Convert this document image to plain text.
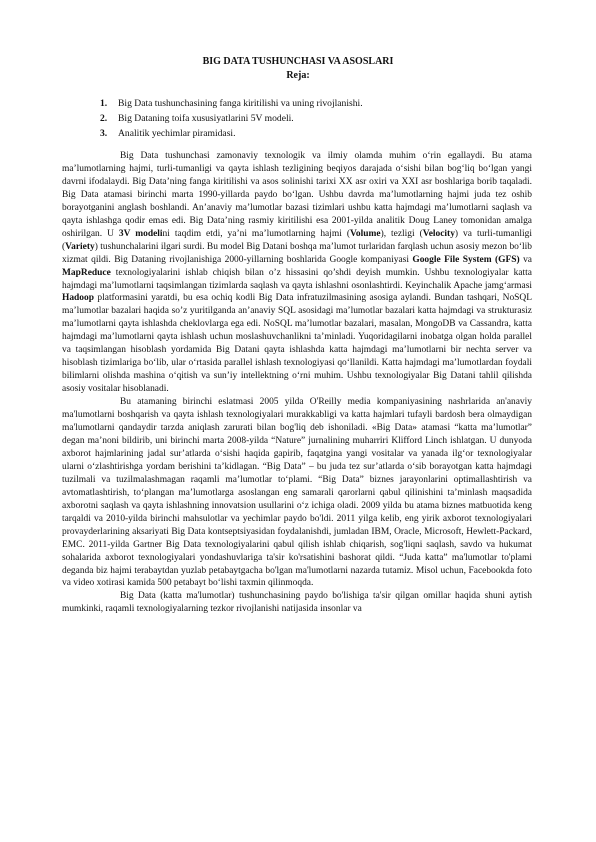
BIG DATA TUSHUNCHASI VA ASOSLARI
Reja:
1.	Big Data tushunchasining fanga kiritilishi va uning rivojlanishi.
2.	Big Dataning toifa xususiyatlarini 5V modeli.
3.	Analitik yechimlar piramidasi.

Big Data tushunchasi zamonaviy texnologik va ilmiy olamda muhim o‘rin egallaydi. Bu atama ma’lumotlarning hajmi, turli-tumanligi va qayta ishlash tezligining beqiyos darajada o‘sishi bilan bog‘liq bo‘lgan yangi davrni ifodalaydi. Big Data’ning fanga kiritilishi va asos solinishi tarixi XX asr oxiri va XXI asr boshlariga borib taqaladi. Big Data atamasi birinchi marta 1990-yillarda paydo bo‘lgan. Ushbu davrda ma’lumotlarning hajmi juda tez oshib borayotganini anglash boshlandi. An’anaviy ma’lumotlar bazasi tizimlari ushbu katta hajmdagi ma’lumotlarni saqlash va qayta ishlashga qodir emas edi. Big Data’ning rasmiy kiritilishi esa 2001-yilda analitik Doug Laney tomonidan amalga oshirilgan. U 3V modelini taqdim etdi, ya’ni ma’lumotlarning hajmi (Volume), tezligi (Velocity) va turli-tumanligi (Variety) tushunchalarini ilgari surdi. Bu model Big Datani boshqa ma’lumot turlaridan farqlash uchun asosiy mezon bo‘lib xizmat qildi. Big Dataning rivojlanishiga 2000-yillarning boshlarida Google kompaniyasi Google File System (GFS) va MapReduce texnologiyalarini ishlab chiqish bilan o’z hissasini qo’shdi deyish mumkin. Ushbu texnologiyalar katta hajmdagi ma’lumotlarni taqsimlangan tizimlarda saqlash va qayta ishlashni osonlashtirdi. Keyinchalik Apache jamg‘armasi Hadoop platformasini yaratdi, bu esa ochiq kodli Big Data infratuzilmasining asosiga aylandi. Bundan tashqari, NoSQL ma’lumotlar bazalari haqida so’z yuritilganda an’anaviy SQL asosidagi ma’lumotlar bazalari katta hajmdagi va strukturasiz ma’lumotlarni qayta ishlashda cheklovlarga ega edi. NoSQL ma’lumotlar bazalari, masalan, MongoDB va Cassandra, katta hajmdagi ma’lumotlarni qayta ishlash uchun moslashuvchanlikni ta’minladi. Yuqoridagilarni inobatga olgan holda parallel va taqsimlangan hisoblash yordamida Big Datani qayta ishlashda katta hajmdagi ma’lumotlarni bir nechta server va hisoblash tizimlariga bo‘lib, ular o‘rtasida parallel ishlash texnologiyasi qo‘llanildi. Katta hajmdagi ma’lumotlardan foydali bilimlarni olishda mashina o‘qitish va sun’iy intellektning o‘rni muhim. Ushbu texnologiyalar Big Datani tahlil qilishda asosiy vositalar hisoblanadi.

Bu atamaning birinchi eslatmasi 2005 yilda O'Reilly media kompaniyasining nashrlarida an'anaviy ma'lumotlarni boshqarish va qayta ishlash texnologiyalari murakkabligi va katta hajmlari tufayli bardosh bera olmaydigan ma'lumotlarni qandaydir tarzda aniqlash zarurati bilan bog'liq deb ishoniladi. «Big Data» atamasi “katta ma’lumotlar” degan ma’noni bildirib, uni birinchi marta 2008-yilda “Nature” jurnalining muharriri Klifford Linch ishlatgan. U dunyoda axborot hajmlarining jadal sur’atlarda o‘sishi haqida gapirib, faqatgina yangi vositalar va yanada ilg‘or texnologiyalar ularni o‘zlashtirishga yordam berishini ta’kidlagan. “Big Data” – bu juda tez sur’atlarda o‘sib borayotgan katta hajmdagi tuzilmali va tuzilmalashmagan raqamli ma’lumotlar to‘plami. “Big Data” biznes jarayonlarini optimallashtirish va avtomatlashtirish, to‘plangan ma’lumotlarga asoslangan eng samarali qarorlarni qabul qilinishini ta’minlash maqsadida axborotni saqlash va qayta ishlashning innovatsion usullarini o‘z ichiga oladi. 2009 yilda bu atama biznes matbuotida keng tarqaldi va 2010-yilda birinchi mahsulotlar va yechimlar paydo bo'ldi. 2011 yilga kelib, eng yirik axborot texnologiyalari provayderlarining aksariyati Big Data kontseptsiyasidan foydalanishdi, jumladan IBM, Oracle, Microsoft, Hewlett-Packard, EMC. 2011-yilda Gartner Big Data texnologiyalarini qabul qilish ishlab chiqarish, sog'liqni saqlash, savdo va hukumat sohalarida axborot texnologiyalari yondashuvlariga ta'sir ko'rsatishini bashorat qildi. “Juda katta” ma'lumotlar to'plami deganda biz hajmi terabaytdan yuzlab petabaytgacha bo'lgan ma'lumotlarni nazarda tutamiz. Misol uchun, Facebookda foto va video xotirasi kamida 500 petabayt bo‘lishi taxmin qilinmoqda.

Big Data (katta ma'lumotlar) tushunchasining paydo bo'lishiga ta'sir qilgan omillar haqida shuni aytish mumkinki, raqamli texnologiyalarning tezkor rivojlanishi natijasida insonlar va
